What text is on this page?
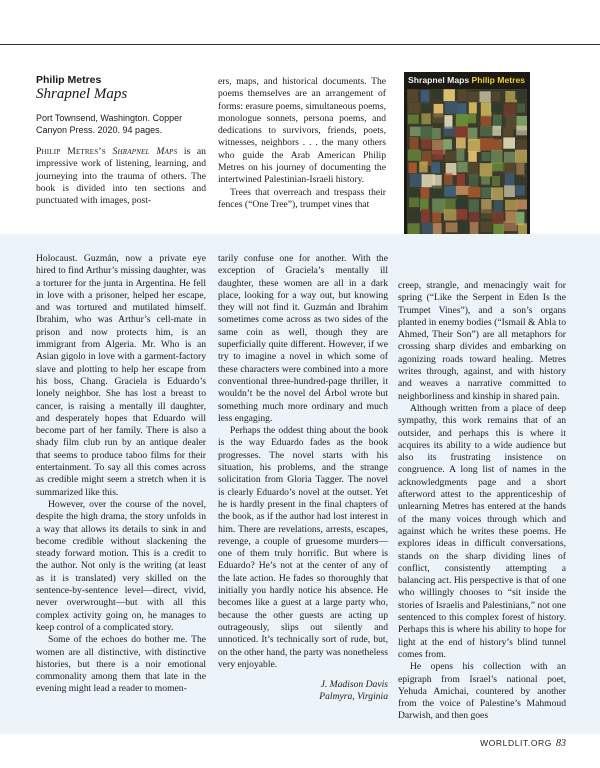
Philip Metres
Shrapnel Maps
Port Townsend, Washington. Copper Canyon Press. 2020. 94 pages.

Philip Metres’s Shrapnel Maps is an impressive work of listening, learning, and journeying into the trauma of others. The book is divided into ten sections and punctuated with images, post-

ers, maps, and historical documents. The poems themselves are an arrangement of forms: erasure poems, simultaneous poems, monologue sonnets, persona poems, and dedications to survivors, friends, poets, witnesses, neighbors . . . the many others who guide the Arab American Philip Metres on his journey of documenting the intertwined Palestinian-Israeli history.

Trees that overreach and trespass their fences (“One Tree”), trumpet vines that

Shrapnel Maps Philip Metres

Holocaust. Guzmán, now a private eye hired to find Arthur’s missing daughter, was a torturer for the junta in Argentina. He fell in love with a prisoner, helped her escape, and was tortured and mutilated himself. Ibrahim, who was Arthur’s cell-mate in prison and now protects him, is an immigrant from Algeria. Mr. Who is an Asian gigolo in love with a garment-factory slave and plotting to help her escape from his boss, Chang. Graciela is Eduardo’s lonely neighbor. She has lost a breast to cancer, is raising a mentally ill daughter, and desperately hopes that Eduardo will become part of her family. There is also a shady film club run by an antique dealer that seems to produce taboo films for their entertainment. To say all this comes across as credible might seem a stretch when it is summarized like this.

However, over the course of the novel, despite the high drama, the story unfolds in a way that allows its details to sink in and become credible without slackening the steady forward motion. This is a credit to the author. Not only is the writing (at least as it is translated) very skilled on the sentence-by-sentence level—direct, vivid, never overwrought—but with all this complex activity going on, he manages to keep control of a complicated story.

Some of the echoes do bother me. The women are all distinctive, with distinctive histories, but there is a noir emotional commonality among them that late in the evening might lead a reader to momen-

tarily confuse one for another. With the exception of Graciela’s mentally ill daughter, these women are all in a dark place, looking for a way out, but knowing they will not find it. Guzmán and Ibrahim sometimes come across as two sides of the same coin as well, though they are superficially quite different. However, if we try to imagine a novel in which some of these characters were combined into a more conventional three-hundred-page thriller, it wouldn’t be the novel del Árbol wrote but something much more ordinary and much less engaging.

Perhaps the oddest thing about the book is the way Eduardo fades as the book progresses. The novel starts with his situation, his problems, and the strange solicitation from Gloria Tagger. The novel is clearly Eduardo’s novel at the outset. Yet he is hardly present in the final chapters of the book, as if the author had lost interest in him. There are revelations, arrests, escapes, revenge, a couple of gruesome murders—one of them truly horrific. But where is Eduardo? He’s not at the center of any of the late action. He fades so thoroughly that initially you hardly notice his absence. He becomes like a guest at a large party who, because the other guests are acting up outrageously, slips out silently and unnoticed. It’s technically sort of rude, but, on the other hand, the party was nonetheless very enjoyable.

J. Madison Davis
Palmyra, Virginia

creep, strangle, and menacingly wait for spring (“Like the Serpent in Eden Is the Trumpet Vines”), and a son’s organs planted in enemy bodies (“Ismail & Abla to Ahmed, Their Son”) are all metaphors for crossing sharp divides and embarking on agonizing roads toward healing. Metres writes through, against, and with history and weaves a narrative committed to neighborliness and kinship in shared pain.

Although written from a place of deep sympathy, this work remains that of an outsider, and perhaps this is where it acquires its ability to a wide audience but also its frustrating insistence on congruence. A long list of names in the acknowledgments page and a short afterword attest to the apprenticeship of unlearning Metres has entered at the hands of the many voices through which and against which he writes these poems. He explores ideas in difficult conversations, stands on the sharp dividing lines of conflict, consistently attempting a balancing act. His perspective is that of one who willingly chooses to “sit inside the stories of Israelis and Palestinians,” not one sentenced to this complex forest of history. Perhaps this is where his ability to hope for light at the end of history’s blind tunnel comes from.

He opens his collection with an epigraph from Israel’s national poet, Yehuda Amichai, countered by another from the voice of Palestine’s Mahmoud Darwish, and then goes

WORLDLIT.ORG 83
